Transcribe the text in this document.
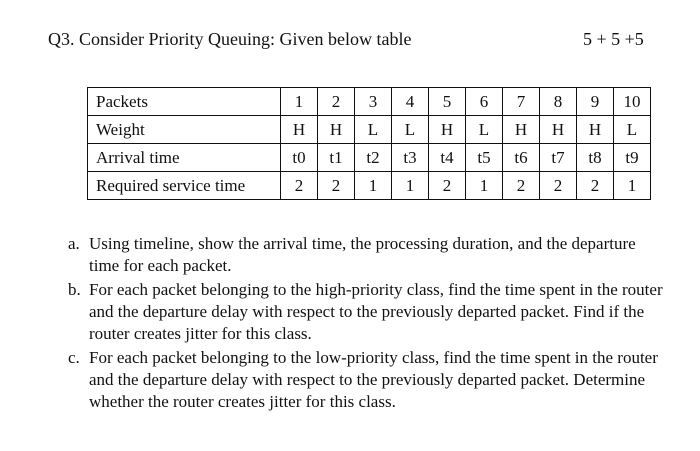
Q3. Consider Priority Queuing: Given below table	5 + 5 +5
Packets	1	2	3	4	5	6	7	8	9	10
Weight	H	H	L	L	H	L	H	H	H	L
Arrival time	t0	t1	t2	t3	t4	t5	t6	t7	t8	t9
Required service time	2	2	1	1	2	1	2	2	2	1
a. Using timeline, show the arrival time, the processing duration, and the departure time for each packet.
b. For each packet belonging to the high-priority class, find the time spent in the router and the departure delay with respect to the previously departed packet. Find if the router creates jitter for this class.
c. For each packet belonging to the low-priority class, find the time spent in the router and the departure delay with respect to the previously departed packet. Determine whether the router creates jitter for this class.
